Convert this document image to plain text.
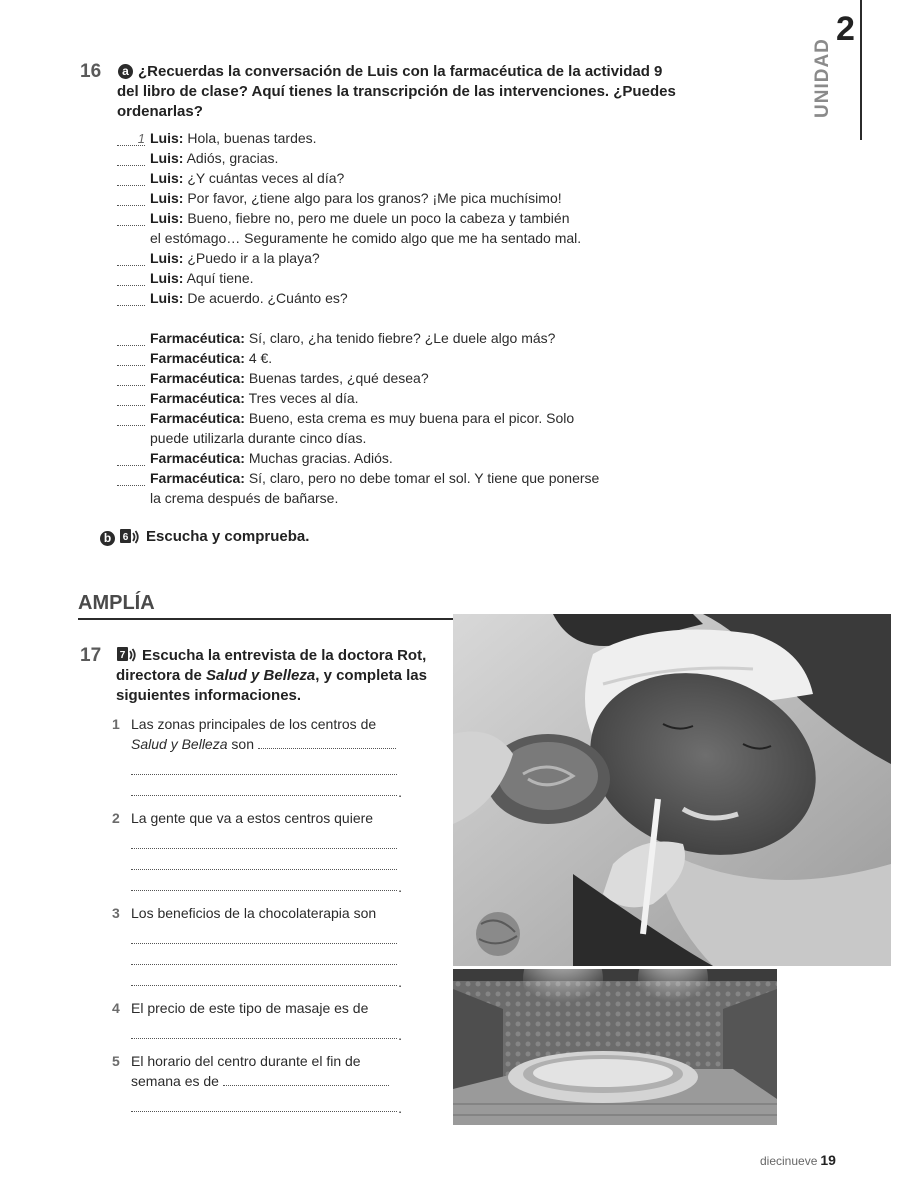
2
UNIDAD
16	a ¿Recuerdas la conversación de Luis con la farmacéutica de la actividad 9
del libro de clase? Aquí tienes la transcripción de las intervenciones. ¿Puedes
ordenarlas?
1 Luis: Hola, buenas tardes.
Luis: Adiós, gracias.
Luis: ¿Y cuántas veces al día?
Luis: Por favor, ¿tiene algo para los granos? ¡Me pica muchísimo!
Luis: Bueno, fiebre no, pero me duele un poco la cabeza y también
el estómago… Seguramente he comido algo que me ha sentado mal.
Luis: ¿Puedo ir a la playa?
Luis: Aquí tiene.
Luis: De acuerdo. ¿Cuánto es?
Farmacéutica: Sí, claro, ¿ha tenido fiebre? ¿Le duele algo más?
Farmacéutica: 4 €.
Farmacéutica: Buenas tardes, ¿qué desea?
Farmacéutica: Tres veces al día.
Farmacéutica: Bueno, esta crema es muy buena para el picor. Solo
puede utilizarla durante cinco días.
Farmacéutica: Muchas gracias. Adiós.
Farmacéutica: Sí, claro, pero no debe tomar el sol. Y tiene que ponerse
la crema después de bañarse.
b	6 Escucha y comprueba.
AMPLÍA
17 7	Escucha la entrevista de la doctora Rot,
directora de Salud y Belleza, y completa las
siguientes informaciones.
1 Las zonas principales de los centros de
Salud y Belleza son
.
2 La gente que va a estos centros quiere
.
3 Los beneficios de la chocolaterapia son
.
4 El precio de este tipo de masaje es de
.
5 El horario del centro durante el fin de
semana es de
.
diecinueve 19
